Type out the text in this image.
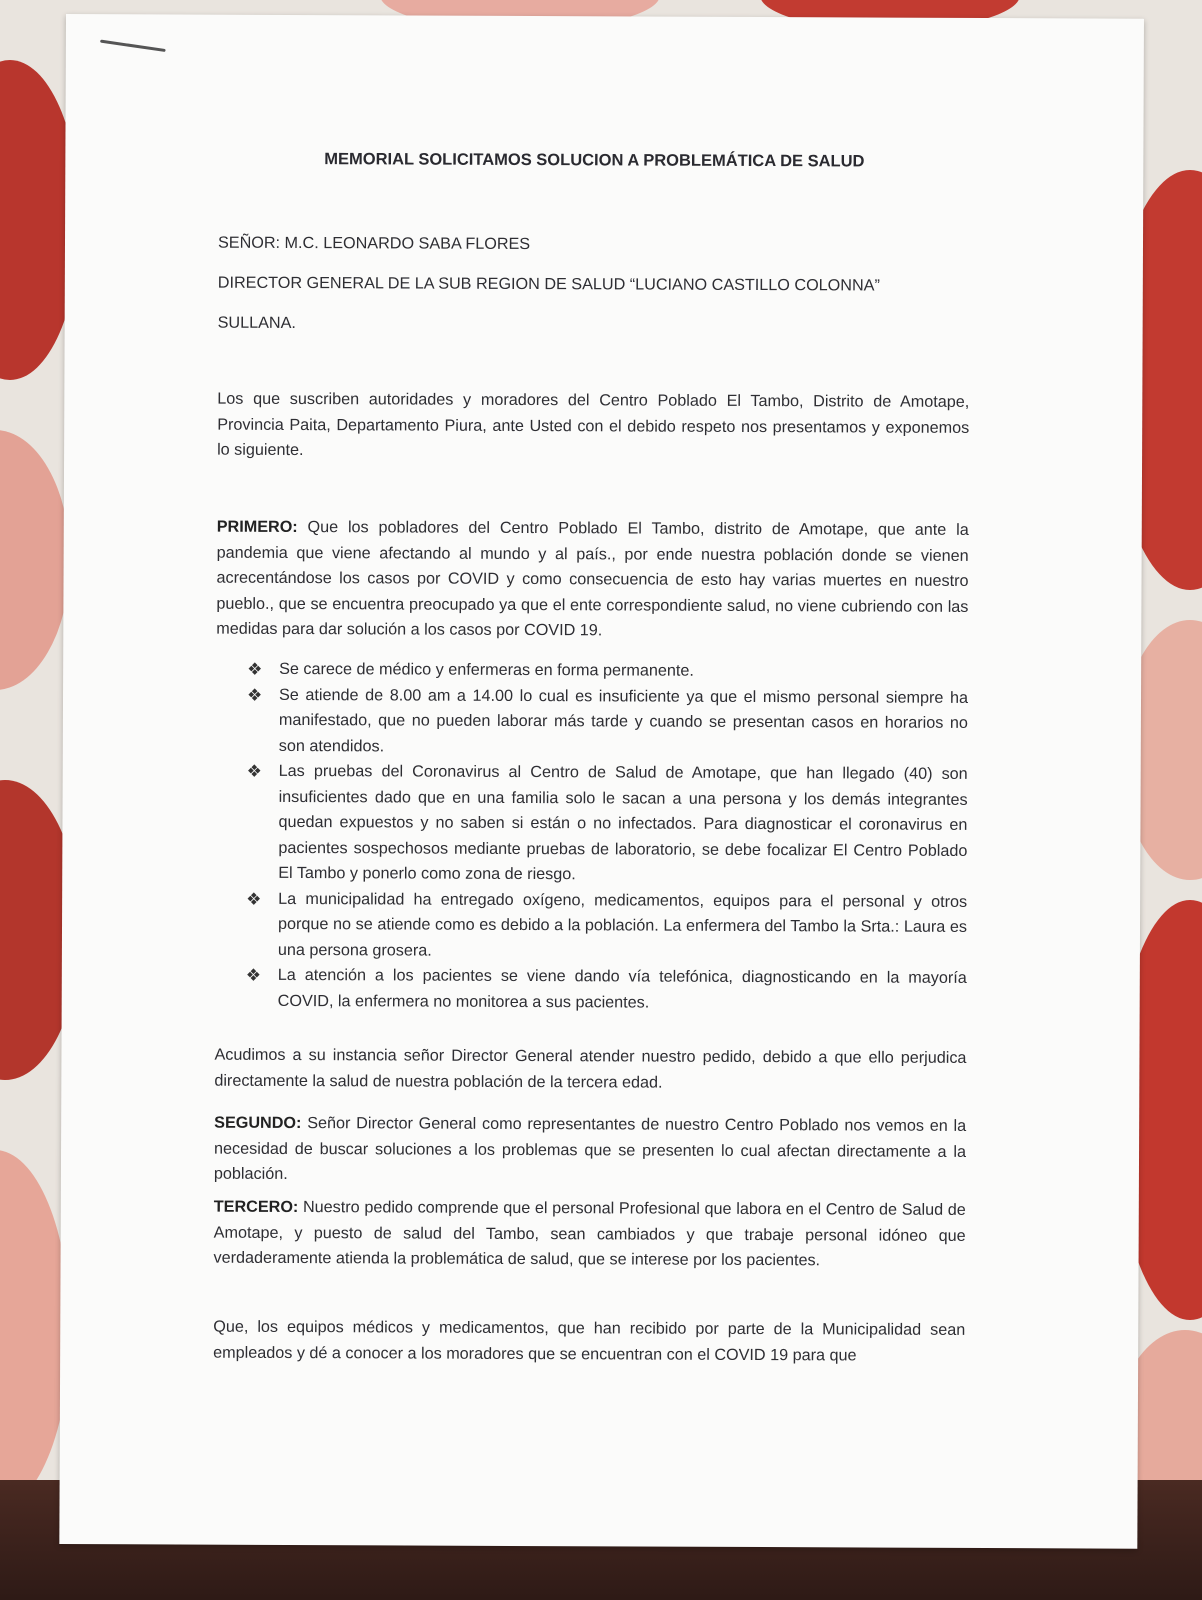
MEMORIAL SOLICITAMOS SOLUCION A PROBLEMÁTICA DE SALUD

SEÑOR: M.C. LEONARDO SABA FLORES

DIRECTOR GENERAL DE LA SUB REGION DE SALUD “LUCIANO CASTILLO COLONNA”

SULLANA.

Los que suscriben autoridades y moradores del Centro Poblado El Tambo, Distrito de Amotape, Provincia Paita, Departamento Piura, ante Usted con el debido respeto nos presentamos y exponemos lo siguiente.

PRIMERO: Que los pobladores del Centro Poblado El Tambo, distrito de Amotape, que ante la pandemia que viene afectando al mundo y al país., por ende nuestra población donde se vienen acrecentándose los casos por COVID y como consecuencia de esto hay varias muertes en nuestro pueblo., que se encuentra preocupado ya que el ente correspondiente salud, no viene cubriendo con las medidas para dar solución a los casos por COVID 19.

❖ Se carece de médico y enfermeras en forma permanente.
❖ Se atiende de 8.00 am a 14.00 lo cual es insuficiente ya que el mismo personal siempre ha manifestado, que no pueden laborar más tarde y cuando se presentan casos en horarios no son atendidos.
❖ Las pruebas del Coronavirus al Centro de Salud de Amotape, que han llegado (40) son insuficientes dado que en una familia solo le sacan a una persona y los demás integrantes quedan expuestos y no saben si están o no infectados. Para diagnosticar el coronavirus en pacientes sospechosos mediante pruebas de laboratorio, se debe focalizar El Centro Poblado El Tambo y ponerlo como zona de riesgo.
❖ La municipalidad ha entregado oxígeno, medicamentos, equipos para el personal y otros porque no se atiende como es debido a la población. La enfermera del Tambo la Srta.: Laura es una persona grosera.
❖ La atención a los pacientes se viene dando vía telefónica, diagnosticando en la mayoría COVID, la enfermera no monitorea a sus pacientes.

Acudimos a su instancia señor Director General atender nuestro pedido, debido a que ello perjudica directamente la salud de nuestra población de la tercera edad.

SEGUNDO: Señor Director General como representantes de nuestro Centro Poblado nos vemos en la necesidad de buscar soluciones a los problemas que se presenten lo cual afectan directamente a la población.

TERCERO: Nuestro pedido comprende que el personal Profesional que labora en el Centro de Salud de Amotape, y puesto de salud del Tambo, sean cambiados y que trabaje personal idóneo que verdaderamente atienda la problemática de salud, que se interese por los pacientes.

Que, los equipos médicos y medicamentos, que han recibido por parte de la Municipalidad sean empleados y dé a conocer a los moradores que se encuentran con el COVID 19 para que
